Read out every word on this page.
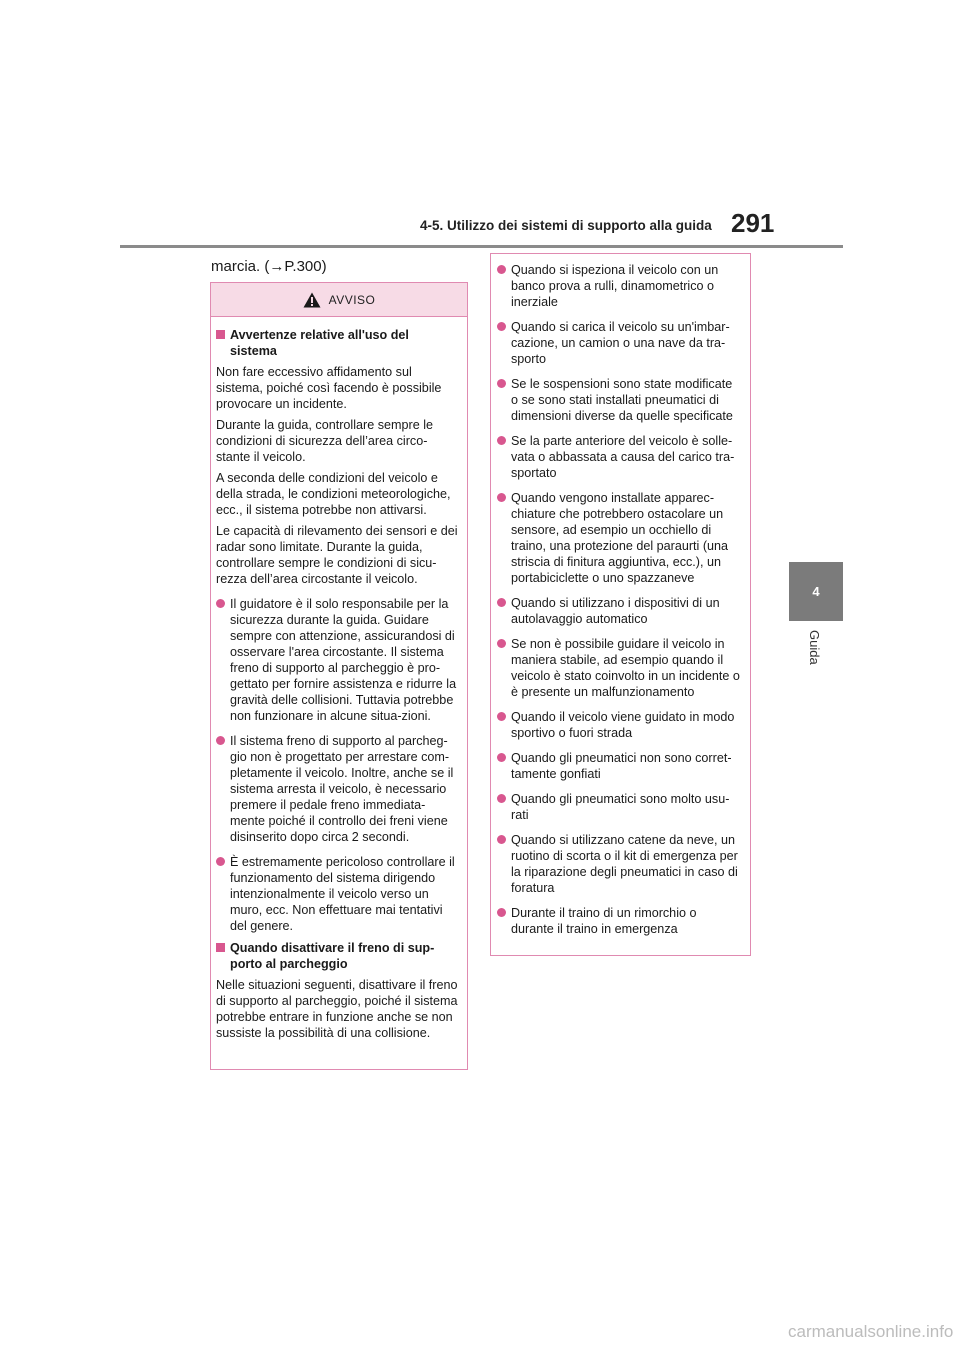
4-5. Utilizzo dei sistemi di supporto alla guida 291
4
Guida
marcia. (→P.300)
AVVISO
Avvertenze relative all'uso del sistema
Non fare eccessivo affidamento sul sistema, poiché così facendo è possibile provocare un incidente.
Durante la guida, controllare sempre le condizioni di sicurezza dell’area circo-stante il veicolo.
A seconda delle condizioni del veicolo e della strada, le condizioni meteorologiche, ecc., il sistema potrebbe non attivarsi.
Le capacità di rilevamento dei sensori e dei radar sono limitate. Durante la guida, controllare sempre le condizioni di sicu-rezza dell’area circostante il veicolo.
Il guidatore è il solo responsabile per la sicurezza durante la guida. Guidare sempre con attenzione, assicurandosi di osservare l'area circostante. Il sistema freno di supporto al parcheggio è pro-gettato per fornire assistenza e ridurre la gravità delle collisioni. Tuttavia potrebbe non funzionare in alcune situa-zioni.
Il sistema freno di supporto al parcheg-gio non è progettato per arrestare com-pletamente il veicolo. Inoltre, anche se il sistema arresta il veicolo, è necessario premere il pedale freno immediata-mente poiché il controllo dei freni viene disinserito dopo circa 2 secondi.
È estremamente pericoloso controllare il funzionamento del sistema dirigendo intenzionalmente il veicolo verso un muro, ecc. Non effettuare mai tentativi del genere.
Quando disattivare il freno di sup-porto al parcheggio
Nelle situazioni seguenti, disattivare il freno di supporto al parcheggio, poiché il sistema potrebbe entrare in funzione anche se non sussiste la possibilità di una collisione.
Quando si ispeziona il veicolo con un banco prova a rulli, dinamometrico o inerziale
Quando si carica il veicolo su un'imbar-cazione, un camion o una nave da tra-sporto
Se le sospensioni sono state modificate o se sono stati installati pneumatici di dimensioni diverse da quelle specificate
Se la parte anteriore del veicolo è solle-vata o abbassata a causa del carico tra-sportato
Quando vengono installate apparec-chiature che potrebbero ostacolare un sensore, ad esempio un occhiello di traino, una protezione del paraurti (una striscia di finitura aggiuntiva, ecc.), un portabiciclette o uno spazzaneve
Quando si utilizzano i dispositivi di un autolavaggio automatico
Se non è possibile guidare il veicolo in maniera stabile, ad esempio quando il veicolo è stato coinvolto in un incidente o è presente un malfunzionamento
Quando il veicolo viene guidato in modo sportivo o fuori strada
Quando gli pneumatici non sono corret-tamente gonfiati
Quando gli pneumatici sono molto usu-rati
Quando si utilizzano catene da neve, un ruotino di scorta o il kit di emergenza per la riparazione degli pneumatici in caso di foratura
Durante il traino di un rimorchio o durante il traino in emergenza
carmanualsonline.info
